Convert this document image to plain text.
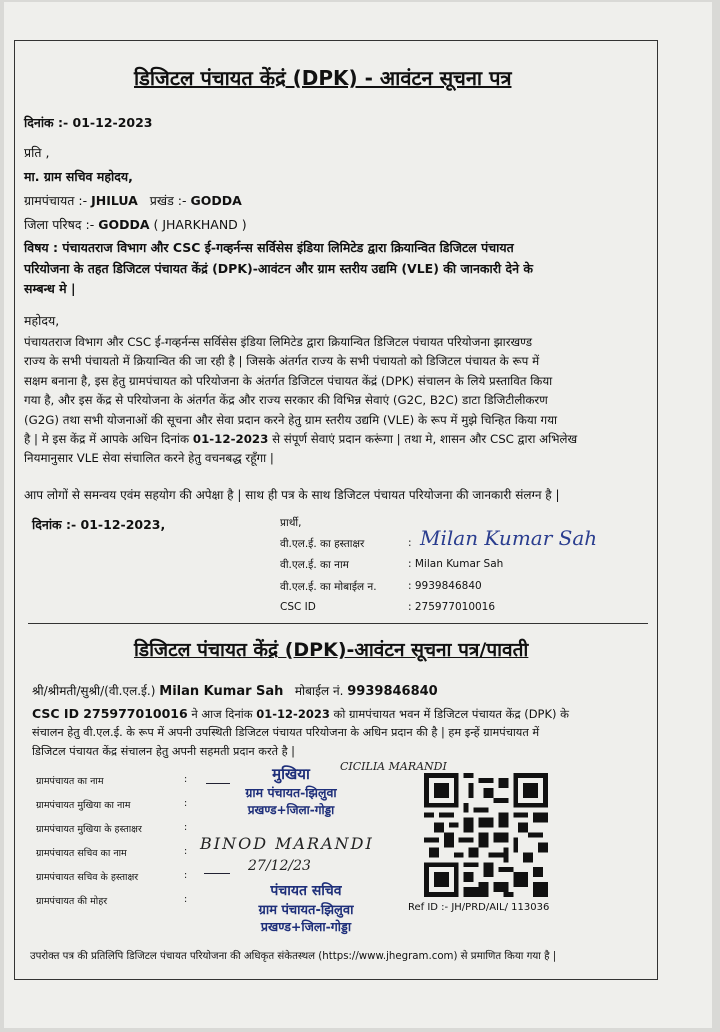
डिजिटल पंचायत केंद्रं (DPK) - आवंटन सूचना पत्र
दिनांक :- 01-12-2023
प्रति ,
मा. ग्राम सचिव महोदय,
ग्रामपंचायत :- JHILUA प्रखंड :- GODDA
जिला परिषद :- GODDA ( JHARKHAND )
विषय : पंचायतराज विभाग और CSC ई-गव्हर्नन्स सर्विसेस इंडिया लिमिटेड द्वारा क्रियान्वित डिजिटल पंचायत
परियोजना के तहत डिजिटल पंचायत केंद्रं (DPK)-आवंटन और ग्राम स्तरीय उद्यमि (VLE) की जानकारी देने के
सम्बन्ध मे |
महोदय,
पंचायतराज विभाग और CSC ई-गव्हर्नन्स सर्विसेस इंडिया लिमिटेड द्वारा क्रियान्वित डिजिटल पंचायत परियोजना झारखण्ड
राज्य के सभी पंचायतो में क्रियान्वित की जा रही है | जिसके अंतर्गत राज्य के सभी पंचायतो को डिजिटल पंचायत के रूप में
सक्षम बनाना है, इस हेतु ग्रामपंचायत को परियोजना के अंतर्गत डिजिटल पंचायत केंद्रं (DPK) संचालन के लिये प्रस्तावित किया
गया है, और इस केंद्र से परियोजना के अंतर्गत केंद्र और राज्य सरकार की विभिन्न सेवाएं (G2C, B2C) डाटा डिजिटीलीकरण
(G2G) तथा सभी योजनाओं की सूचना और सेवा प्रदान करने हेतु ग्राम स्तरीय उद्यमि (VLE) के रूप में मुझे चिन्हित किया गया
है | मे इस केंद्र में आपके अधिन दिनांक 01-12-2023 से संपूर्ण सेवाएं प्रदान करूंगा | तथा मे, शासन और CSC द्वारा अभिलेख
नियमानुसार VLE सेवा संचालित करने हेतु वचनबद्ध रहूँगा |
आप लोगों से समन्वय एवंम सहयोग की अपेक्षा है | साथ ही पत्र के साथ डिजिटल पंचायत परियोजना की जानकारी संलग्न है |
दिनांक :- 01-12-2023,	प्रार्थी,
वी.एल.ई. का हस्ताक्षर	: Milan Kumar Sah
वी.एल.ई. का नाम	: Milan Kumar Sah
वी.एल.ई. का मोबाईल न.	: 9939846840
CSC ID	: 275977010016
डिजिटल पंचायत केंद्रं (DPK)-आवंटन सूचना पत्र/पावती
श्री/श्रीमती/सुश्री/(वी.एल.ई.) Milan Kumar Sah मोबाईल नं. 9939846840
CSC ID 275977010016 ने आज दिनांक 01-12-2023 को ग्रामपंचायत भवन में डिजिटल पंचायत केंद्र (DPK) के
संचालन हेतु वी.एल.ई. के रूप में अपनी उपस्थिती डिजिटल पंचायत परियोजना के अधिन प्रदान की है | हम इन्हें ग्रामपंचायत में
डिजिटल पंचायत केंद्र संचालन हेतु अपनी सहमती प्रदान करते है |
ग्रामपंचायत का नाम	:
ग्रामपंचायत मुखिया का नाम	:
ग्रामपंचायत मुखिया के हस्ताक्षर	:
ग्रामपंचायत सचिव का नाम	:
ग्रामपंचायत सचिव के हस्ताक्षर	:
ग्रामपंचायत की मोहर	:
मुखिया
ग्राम पंचायत-झिलुवा
प्रखण्ड+जिला-गोड्डा
CICILIA MARANDI
BINOD MARANDI
27/12/23
पंचायत सचिव
ग्राम पंचायत-झिलुवा
प्रखण्ड+जिला-गोड्डा
Ref ID :- JH/PRD/AIL/ 113036
उपरोक्त पत्र की प्रतिलिपि डिजिटल पंचायत परियोजना की अधिकृत संकेतस्थल (https://www.jhegram.com) से प्रमाणित किया गया है |
